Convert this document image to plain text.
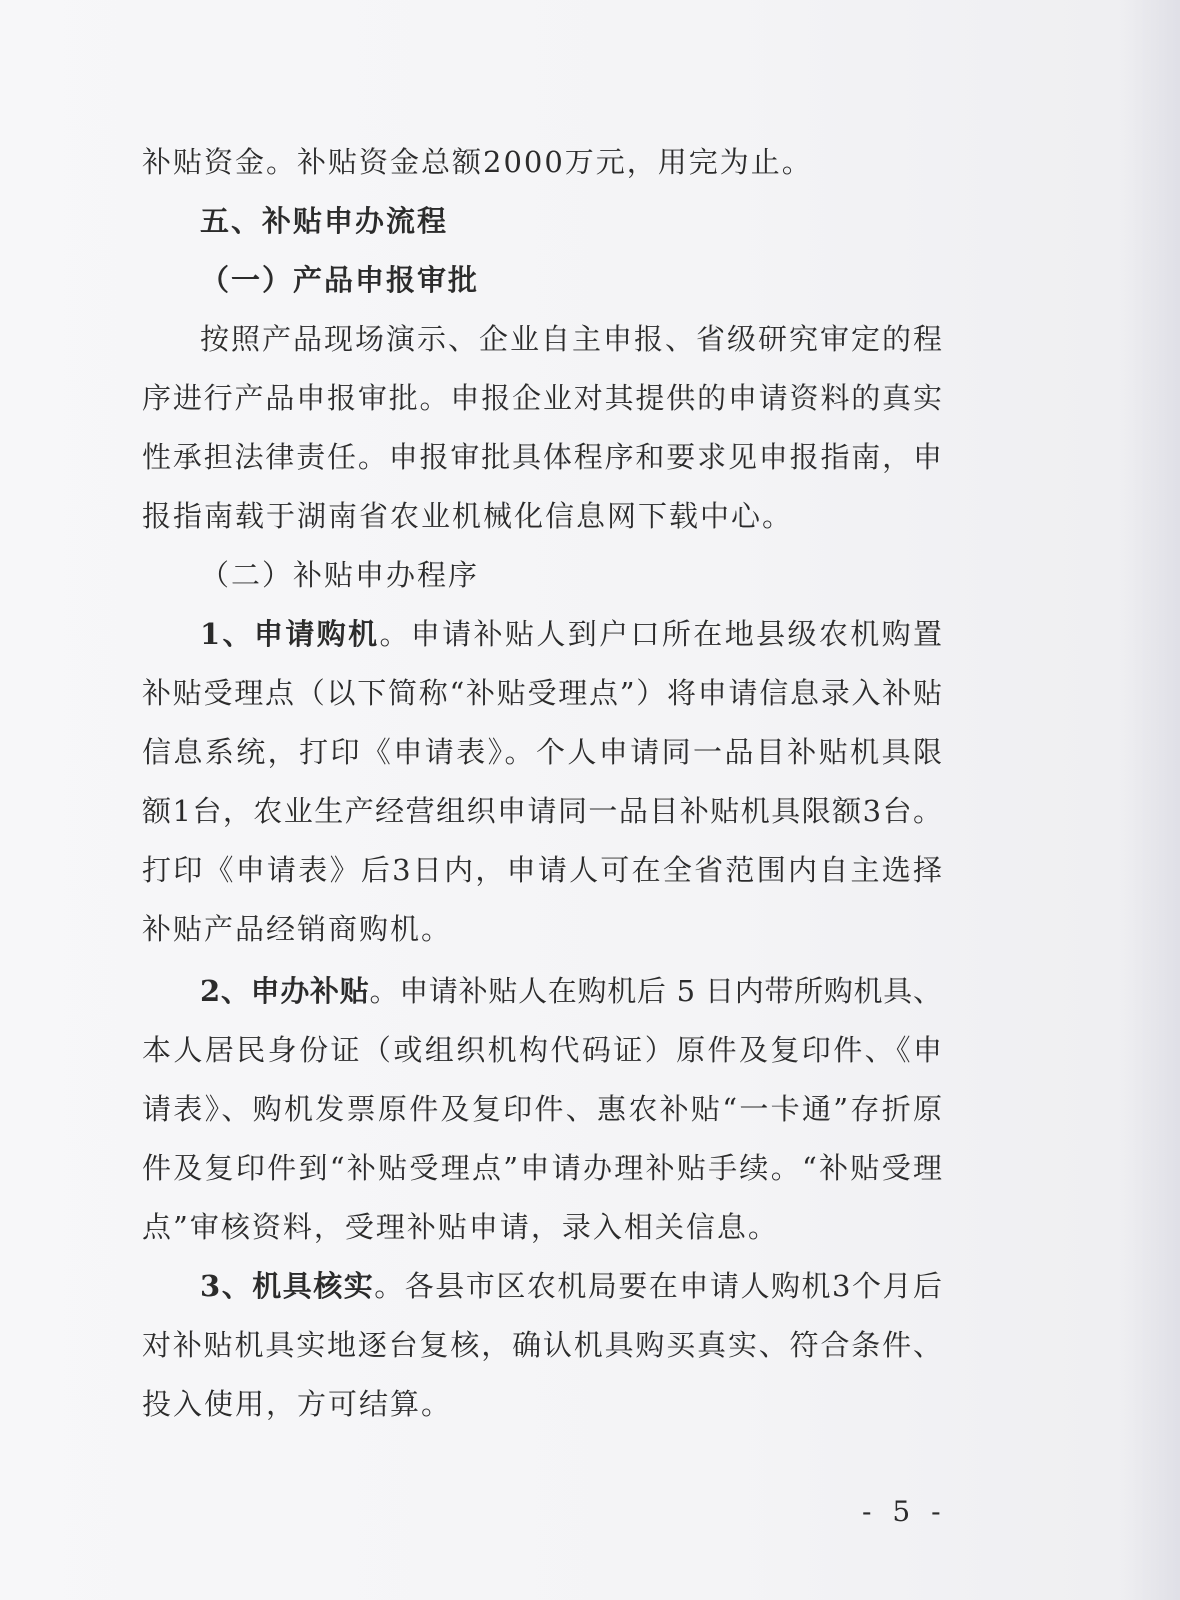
补贴资金。补贴资金总额2000万元，用完为止。
五、补贴申办流程
（一）产品申报审批
按照产品现场演示、企业自主申报、省级研究审定的程
序进行产品申报审批。申报企业对其提供的申请资料的真实
性承担法律责任。申报审批具体程序和要求见申报指南，申
报指南载于湖南省农业机械化信息网下载中心。
（二）补贴申办程序
1、申请购机。申请补贴人到户口所在地县级农机购置
补贴受理点（以下简称“补贴受理点”）将申请信息录入补贴
信息系统，打印《申请表》。个人申请同一品目补贴机具限
额1台，农业生产经营组织申请同一品目补贴机具限额3台。
打印《申请表》后3日内，申请人可在全省范围内自主选择
补贴产品经销商购机。
2、申办补贴。申请补贴人在购机后 5 日内带所购机具、
本人居民身份证（或组织机构代码证）原件及复印件、《申
请表》、购机发票原件及复印件、惠农补贴“一卡通”存折原
件及复印件到“补贴受理点”申请办理补贴手续。“补贴受理
点”审核资料，受理补贴申请，录入相关信息。
3、机具核实。各县市区农机局要在申请人购机3个月后
对补贴机具实地逐台复核，确认机具购买真实、符合条件、
投入使用，方可结算。
- 5 -
